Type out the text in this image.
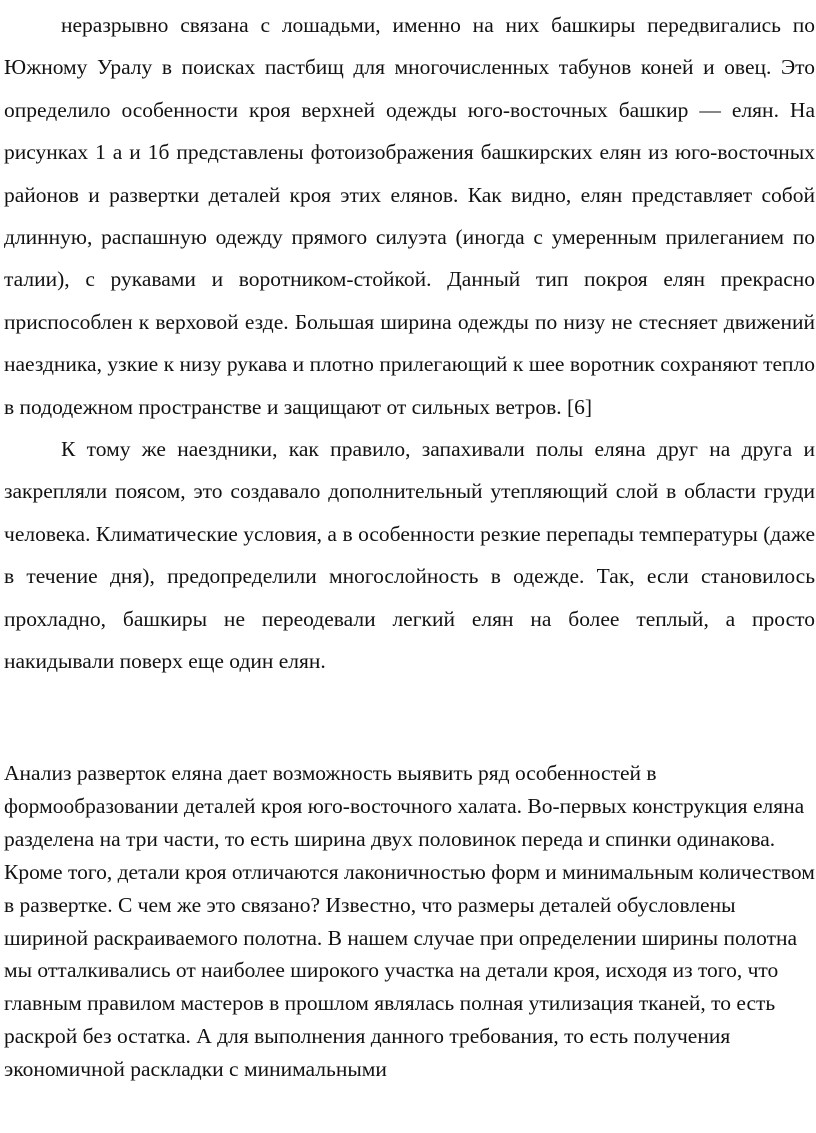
неразрывно связана с лошадьми, именно на них башкиры передвигались по Южному Уралу в поисках пастбищ для многочисленных табунов коней и овец. Это определило особенности кроя верхней одежды юго-восточных башкир — елян. На рисунках 1 а и 1б представлены фотоизображения башкирских елян из юго-восточных районов и развертки деталей кроя этих елянов. Как видно, елян представляет собой длинную, распашную одежду прямого силуэта (иногда с умеренным прилеганием по талии), с рукавами и воротником-стойкой. Данный тип покроя елян прекрасно приспособлен к верховой езде. Большая ширина одежды по низу не стесняет движений наездника, узкие к низу рукава и плотно прилегающий к шее воротник сохраняют тепло в пододежном пространстве и защищают от сильных ветров. [6]

К тому же наездники, как правило, запахивали полы еляна друг на друга и закрепляли поясом, это создавало дополнительный утепляющий слой в области груди человека. Климатические условия, а в особенности резкие перепады температуры (даже в течение дня), предопределили многослойность в одежде. Так, если становилось прохладно, башкиры не переодевали легкий елян на более теплый, а просто накидывали поверх еще один елян.

Анализ разверток еляна дает возможность выявить ряд особенностей в формообразовании деталей кроя юго-восточного халата. Во-первых конструкция еляна разделена на три части, то есть ширина двух половинок переда и спинки одинакова. Кроме того, детали кроя отличаются лаконичностью форм и минимальным количеством в развертке. С чем же это связано? Известно, что размеры деталей обусловлены шириной раскраиваемого полотна. В нашем случае при определении ширины полотна мы отталкивались от наиболее широкого участка на детали кроя, исходя из того, что главным правилом мастеров в прошлом являлась полная утилизация тканей, то есть раскрой без остатка. А для выполнения данного требования, то есть получения экономичной раскладки с минимальными
